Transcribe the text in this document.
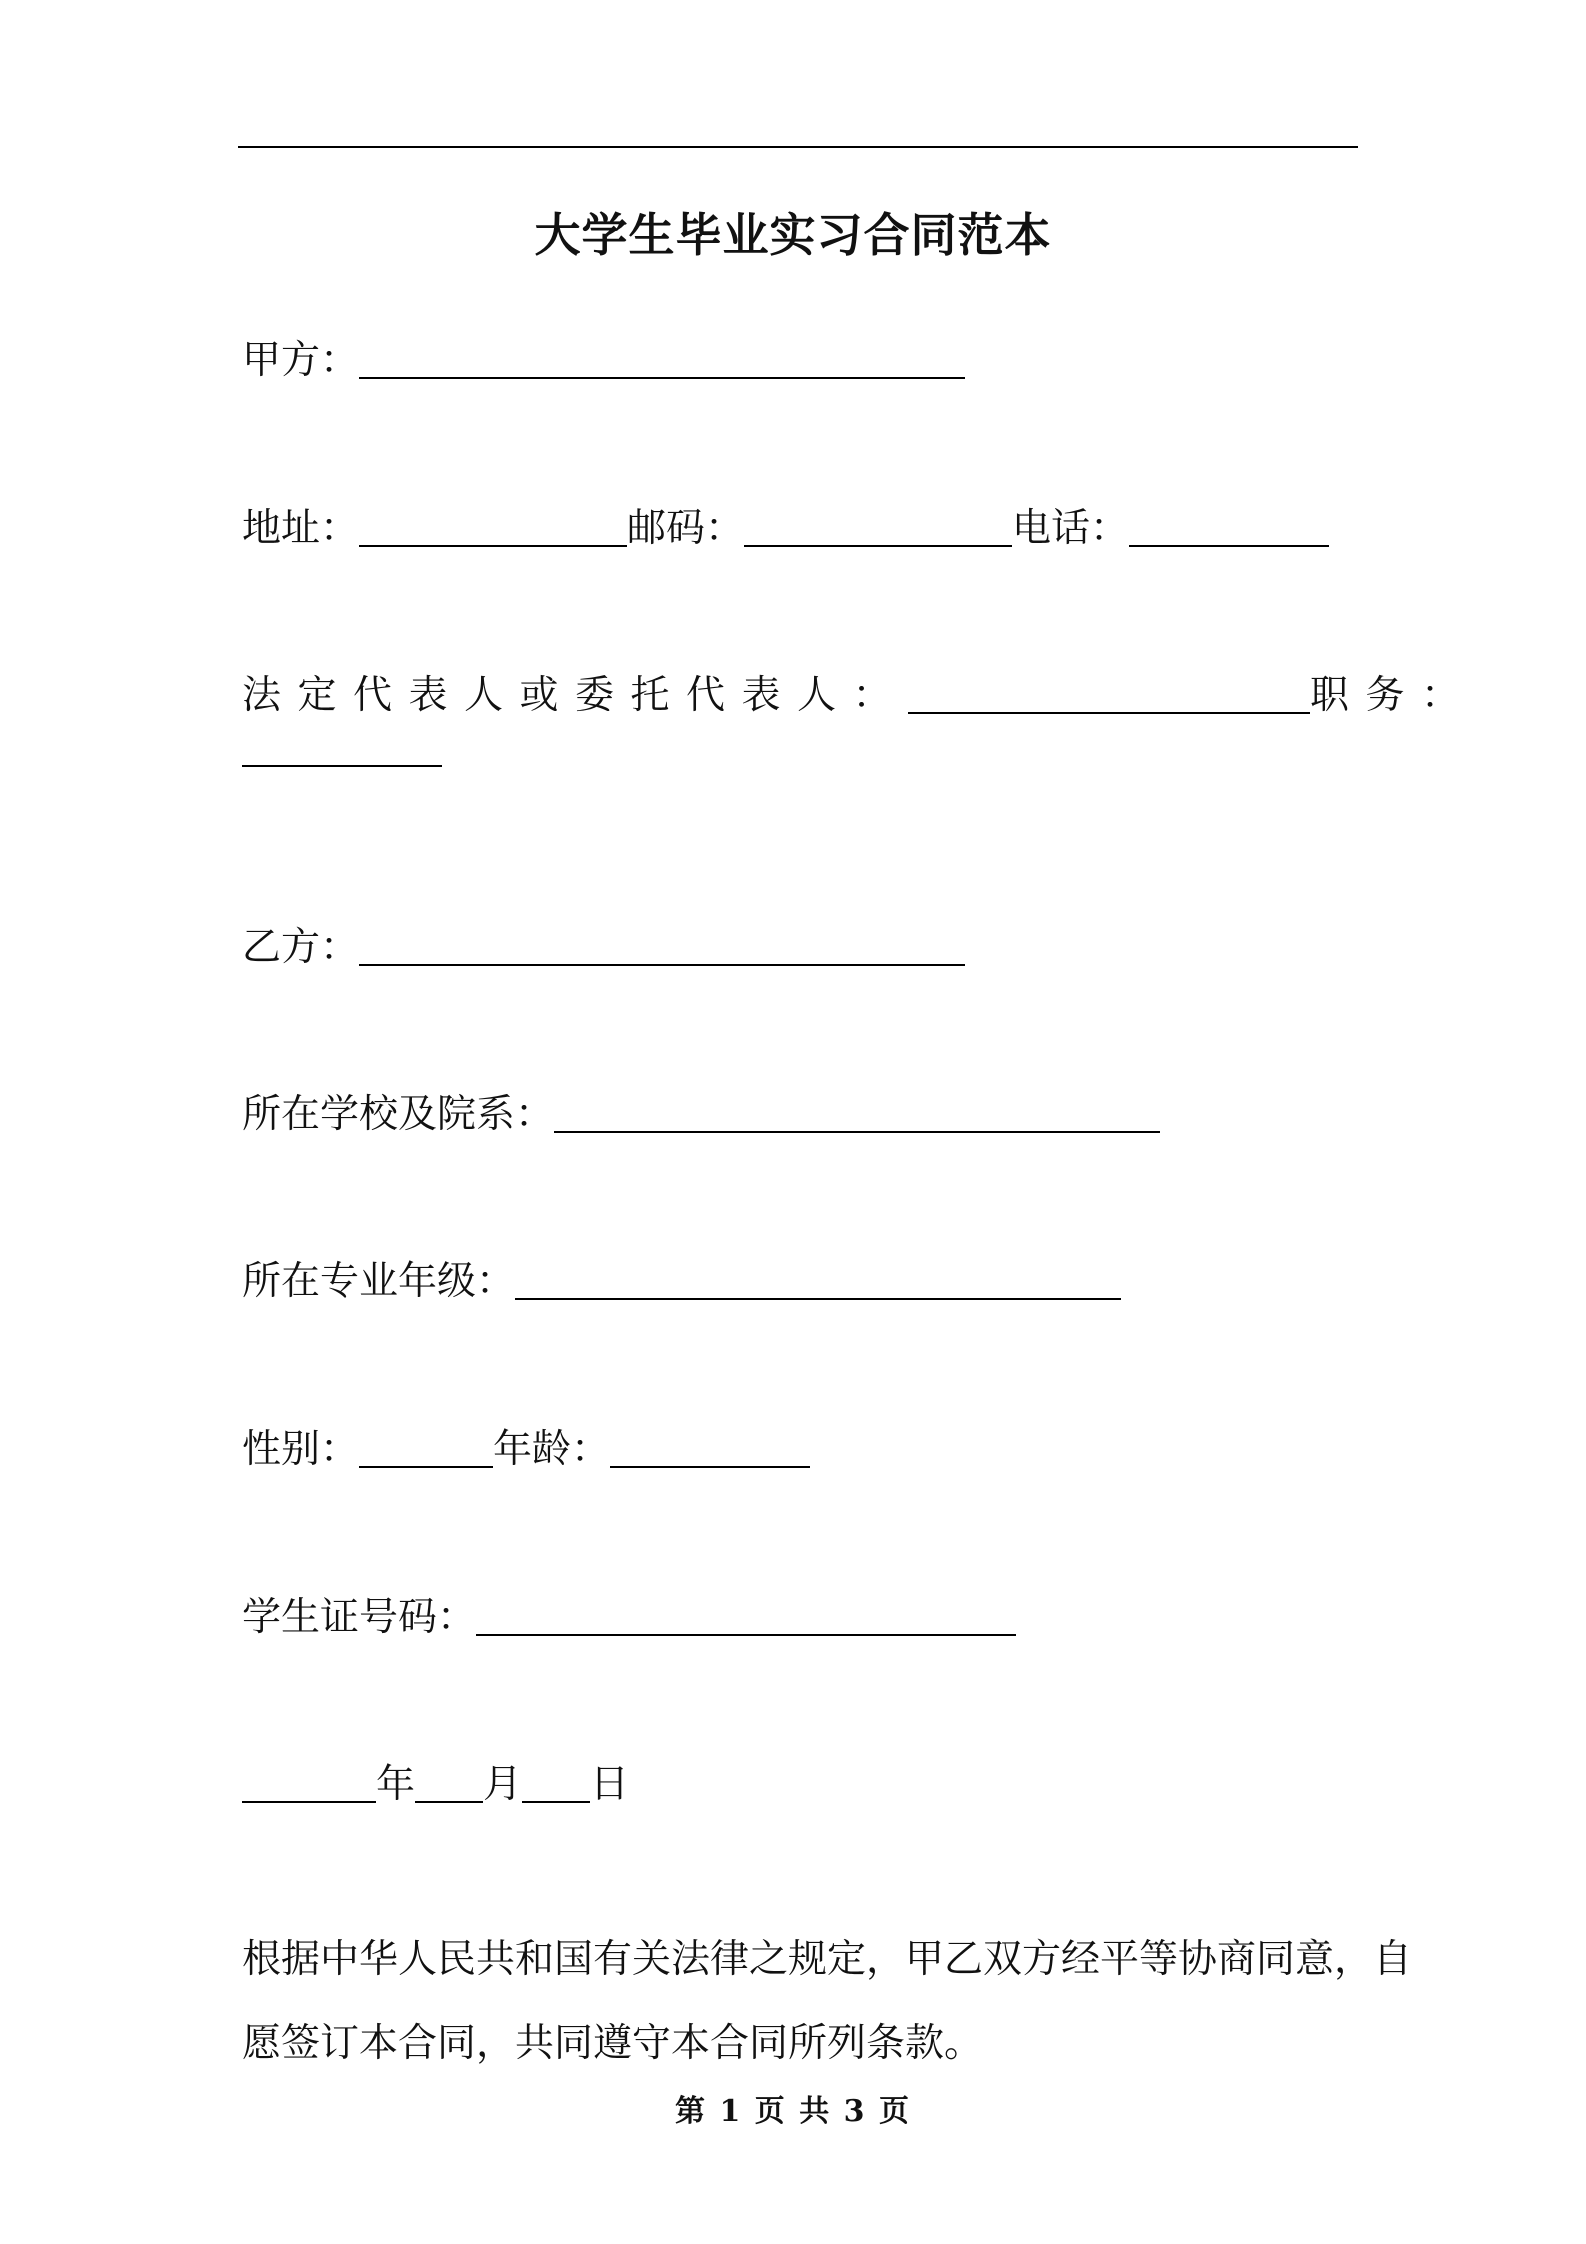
大学生毕业实习合同范本
甲方：
地址：	邮码：	电话：
法定代表人或委托代表人：	职务：
乙方：
所在学校及院系：
所在专业年级：
性别：	年龄：
学生证号码：
年 月 日
根据中华人民共和国有关法律之规定，甲乙双方经平等协商同意，自
愿签订本合同，共同遵守本合同所列条款。
第 1 页 共 3 页
